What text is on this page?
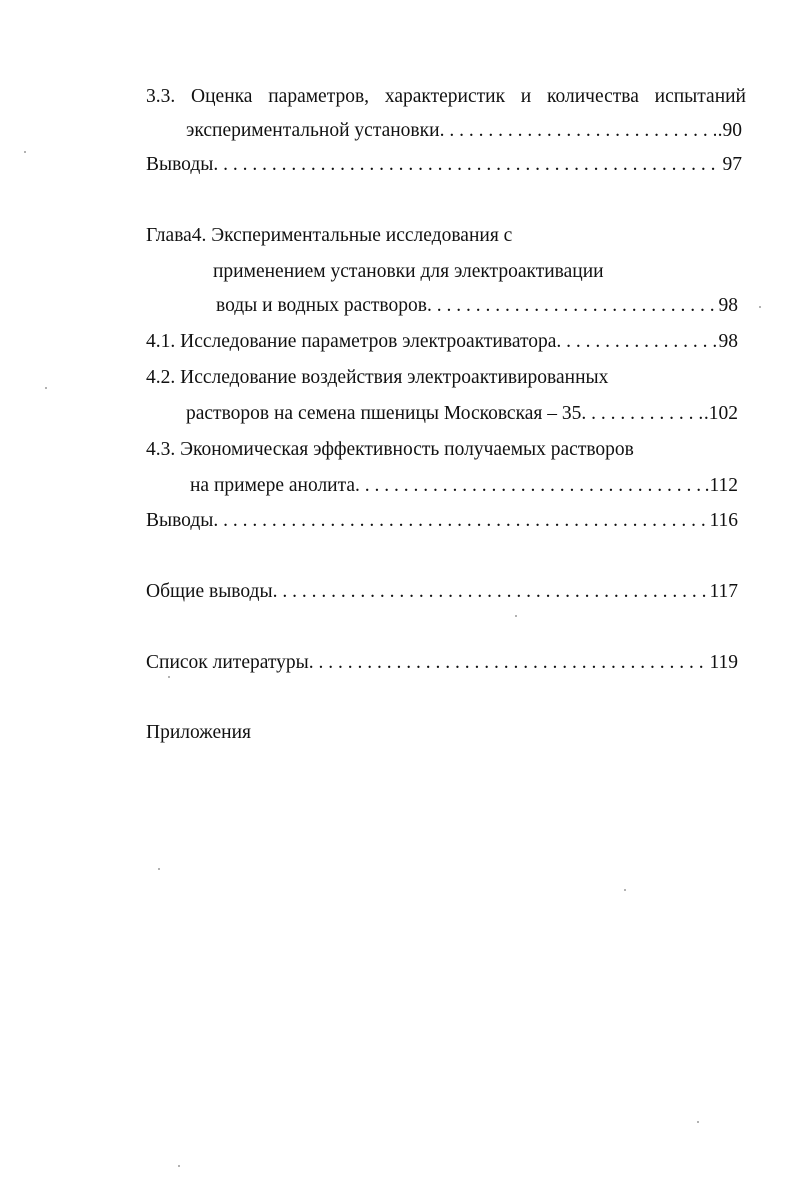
3.3. Оценка параметров, характеристик и количества испытаний
экспериментальной установки . . .	.90
Выводы . . .	97
Глава4. Экспериментальные исследования с
применением установки для электроактивации
воды и водных растворов . . .	98
4.1. Исследование параметров электроактиватора . . .	98
4.2. Исследование воздействия электроактивированных
растворов на семена пшеницы Московская – 35 . . .	.102
4.3. Экономическая эффективность получаемых растворов
на примере анолита . . .	.112
Выводы . . .	116
Общие выводы . . .	117
Список литературы . . .	119
Приложения
